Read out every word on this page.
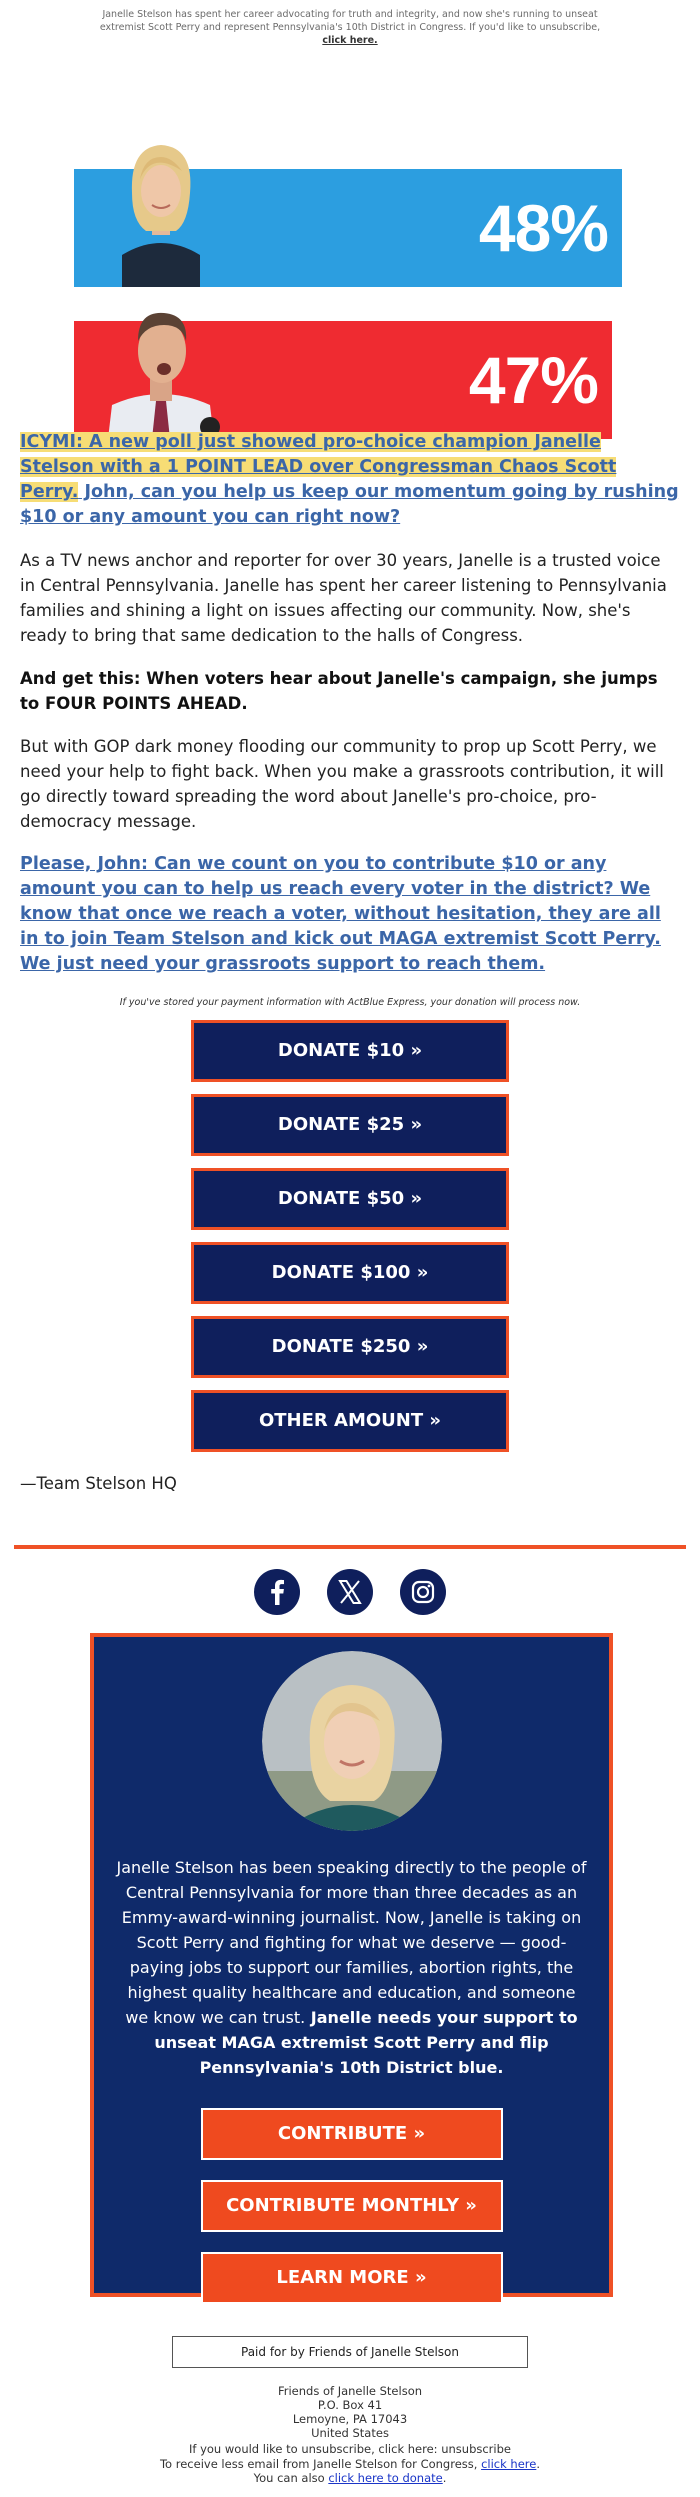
Janelle Stelson has spent her career advocating for truth and integrity, and now she's running to unseat extremist Scott Perry and represent Pennsylvania's 10th District in Congress. If you'd like to unsubscribe, click here.
48%
47%
ICYMI: A new poll just showed pro-choice champion Janelle Stelson with a 1 POINT LEAD over Congressman Chaos Scott Perry. John, can you help us keep our momentum going by rushing $10 or any amount you can right now?

As a TV news anchor and reporter for over 30 years, Janelle is a trusted voice in Central Pennsylvania. Janelle has spent her career listening to Pennsylvania families and shining a light on issues affecting our community. Now, she's ready to bring that same dedication to the halls of Congress.

And get this: When voters hear about Janelle's campaign, she jumps to FOUR POINTS AHEAD.

But with GOP dark money flooding our community to prop up Scott Perry, we need your help to fight back. When you make a grassroots contribution, it will go directly toward spreading the word about Janelle's pro-choice, pro-democracy message.

Please, John: Can we count on you to contribute $10 or any amount you can to help us reach every voter in the district? We know that once we reach a voter, without hesitation, they are all in to join Team Stelson and kick out MAGA extremist Scott Perry. We just need your grassroots support to reach them.

If you've stored your payment information with ActBlue Express, your donation will process now.

DONATE $10 »
DONATE $25 »
DONATE $50 »
DONATE $100 »
DONATE $250 »
OTHER AMOUNT »

—Team Stelson HQ

Janelle Stelson has been speaking directly to the people of Central Pennsylvania for more than three decades as an Emmy-award-winning journalist. Now, Janelle is taking on Scott Perry and fighting for what we deserve — good-paying jobs to support our families, abortion rights, the highest quality healthcare and education, and someone we know we can trust. Janelle needs your support to unseat MAGA extremist Scott Perry and flip Pennsylvania's 10th District blue.

CONTRIBUTE »
CONTRIBUTE MONTHLY »
LEARN MORE »
Paid for by Friends of Janelle Stelson
Friends of Janelle Stelson
P.O. Box 41
Lemoyne, PA 17043
United States
If you would like to unsubscribe, click here: unsubscribe
To receive less email from Janelle Stelson for Congress, click here.
You can also click here to donate.
